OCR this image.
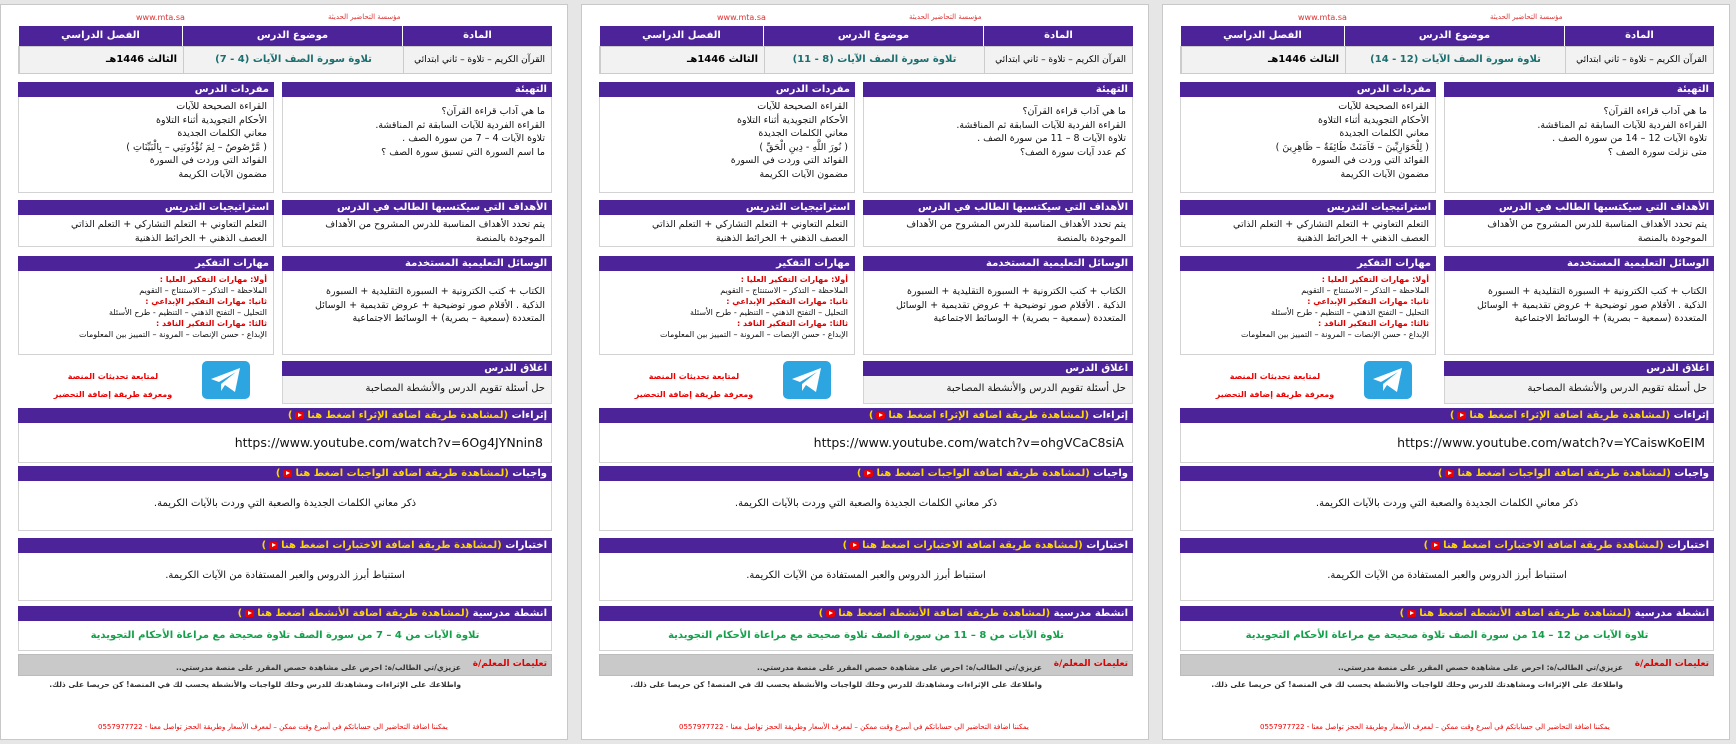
www.mta.sa	مؤسسة التحاضير الحديثة
الفصل الدراسي	موضوع الدرس	المادة
الثالث 1446هـ	تلاوة سورة الصف الآيات (12 - 14)	القرآن الكريم – تلاوة – ثاني ابتدائي
التهيئة

ما هي آداب قراءة القرآن؟

القراءة الفردية للآيات السابقة ثم المناقشة.

تلاوة الآيات 12 – 14 من سورة الصف .

متى نزلت سورة الصف ؟

مفردات الدرس

القراءة الصحيحة للآيات

الأحكام التجويدية أثناء التلاوة

معاني الكلمات الجديدة

( لِلْحَوَارِيِّينَ – فَآمَنَتْ طَائِفَةٌ – ظَاهِرِينَ )

الفوائد التي وردت في السورة

مضمون الآيات الكريمة

الأهداف التي سيكتسبها الطالب في الدرس

يتم تحدد الأهداف المناسبة للدرس المشروح من الأهداف

الموجودة بالمنصة

استراتيجيات التدريس

التعلم التعاوني + التعلم التشاركي + التعلم الذاتي

العصف الذهني + الخرائط الذهنية

الوسائل التعليمية المستخدمة

الكتاب + كتب الكترونية + السبورة التقليدية + السبورة

الذكية . الأقلام صور توضيحية + عروض تقديمية + الوسائل

المتعددة (سمعية – بصرية) + الوسائط الاجتماعية

مهارات التفكير

أولا: مهارات التفكير العليا :

الملاحظة – التذكر – الاستنتاج – التقويم

ثانيا: مهارات التفكير الإبداعي :

التحليل – التفتح الذهني – التنظيم - طرح الأسئلة

ثالثا: مهارات التفكير الناقد :

الإبداع - حسن الإنصات – المرونة – التمييز بين المعلومات

اغلاق الدرس
حل أسئلة تقويم الدرس والأنشطة المصاحبة

لمتابعة تحديثات المنصة

ومعرفة طريقة إضافة التحضير

إثراءات (لمشاهدة طريقة اضافة الإثراء اضغط هنا)
https://www.youtube.com/watch?v=YCaiswKoEIM
واجبات (لمشاهدة طريقة اضافة الواجبات اضغط هنا)
ذكر معاني الكلمات الجديدة والصعبة التي وردت بالآيات الكريمة.
اختبارات (لمشاهدة طريقة اضافة الاختبارات اضغط هنا)
استنباط أبرز الدروس والعبر المستفادة من الآيات الكريمة.
انشطة مدرسية (لمشاهدة طريقة اضافة الأنشطة اضغط هنا)
تلاوة الآيات من 12 – 14 من سورة الصف تلاوة صحيحة مع مراعاة الأحكام التجويدية
تعليمات المعلم/ة

عزيزي/تي الطالب/ة: احرص على مشاهدة حصص المقرر على منصة مدرستي..

واطلاعك على الإثراءات ومشاهدتك للدرس وحلك للواجبات والأنشطة يحسب لك في المنصة! كن حريصا على ذلك.

0557977722 - يمكننا اضافة التحاضير الي حساباتكم في أسرع وقت ممكن – لمعرف الأسعار وطريقة الحجز تواصل معنا
www.mta.sa	مؤسسة التحاضير الحديثة
الفصل الدراسي	موضوع الدرس	المادة
الثالث 1446هـ	تلاوة سورة الصف الآيات (8 - 11)	القرآن الكريم – تلاوة – ثاني ابتدائي
التهيئة

ما هي آداب قراءة القرآن؟

القراءة الفردية للآيات السابقة ثم المناقشة.

تلاوة الآيات 8 – 11 من سورة الصف .

كم عدد آيات سورة الصف؟

مفردات الدرس

القراءة الصحيحة للآيات

الأحكام التجويدية أثناء التلاوة

معاني الكلمات الجديدة

( نُورَ اللَّهِ - دِينِ الْحَقِّ )

الفوائد التي وردت في السورة

مضمون الآيات الكريمة

الأهداف التي سيكتسبها الطالب في الدرس

يتم تحدد الأهداف المناسبة للدرس المشروح من الأهداف

الموجودة بالمنصة

استراتيجيات التدريس

التعلم التعاوني + التعلم التشاركي + التعلم الذاتي

العصف الذهني + الخرائط الذهنية

الوسائل التعليمية المستخدمة

الكتاب + كتب الكترونية + السبورة التقليدية + السبورة

الذكية . الأقلام صور توضيحية + عروض تقديمية + الوسائل

المتعددة (سمعية – بصرية) + الوسائط الاجتماعية

مهارات التفكير

أولا: مهارات التفكير العليا :

الملاحظة – التذكر – الاستنتاج – التقويم

ثانيا: مهارات التفكير الإبداعي :

التحليل – التفتح الذهني – التنظيم - طرح الأسئلة

ثالثا: مهارات التفكير الناقد :

الإبداع - حسن الإنصات – المرونة – التمييز بين المعلومات

اغلاق الدرس
حل أسئلة تقويم الدرس والأنشطة المصاحبة

لمتابعة تحديثات المنصة

ومعرفة طريقة إضافة التحضير

إثراءات (لمشاهدة طريقة اضافة الإثراء اضغط هنا)
https://www.youtube.com/watch?v=ohgVCaC8siA
واجبات (لمشاهدة طريقة اضافة الواجبات اضغط هنا)
ذكر معاني الكلمات الجديدة والصعبة التي وردت بالآيات الكريمة.
اختبارات (لمشاهدة طريقة اضافة الاختبارات اضغط هنا)
استنباط أبرز الدروس والعبر المستفادة من الآيات الكريمة.
انشطة مدرسية (لمشاهدة طريقة اضافة الأنشطة اضغط هنا)
تلاوة الآيات من 8 – 11 من سورة الصف تلاوة صحيحة مع مراعاة الأحكام التجويدية
تعليمات المعلم/ة

عزيزي/تي الطالب/ة: احرص على مشاهدة حصص المقرر على منصة مدرستي..

واطلاعك على الإثراءات ومشاهدتك للدرس وحلك للواجبات والأنشطة يحسب لك في المنصة! كن حريصا على ذلك.

0557977722 - يمكننا اضافة التحاضير الي حساباتكم في أسرع وقت ممكن – لمعرف الأسعار وطريقة الحجز تواصل معنا
www.mta.sa	مؤسسة التحاضير الحديثة
الفصل الدراسي	موضوع الدرس	المادة
الثالث 1446هـ	تلاوة سورة الصف الآيات (4 - 7)	القرآن الكريم – تلاوة – ثاني ابتدائي
التهيئة

ما هي آداب قراءة القرآن؟

القراءة الفردية للآيات السابقة ثم المناقشة.

تلاوة الآيات 4 – 7 من سورة الصف .

ما اسم السورة التي تسبق سورة الصف ؟

مفردات الدرس

القراءة الصحيحة للآيات

الأحكام التجويدية أثناء التلاوة

معاني الكلمات الجديدة

( مَّرْصُوصٌ – لِمَ تُؤْذُونَنِي – بِالْبَيِّنَاتِ )

الفوائد التي وردت في السورة

مضمون الآيات الكريمة

الأهداف التي سيكتسبها الطالب في الدرس

يتم تحدد الأهداف المناسبة للدرس المشروح من الأهداف

الموجودة بالمنصة

استراتيجيات التدريس

التعلم التعاوني + التعلم التشاركي + التعلم الذاتي

العصف الذهني + الخرائط الذهنية

الوسائل التعليمية المستخدمة

الكتاب + كتب الكترونية + السبورة التقليدية + السبورة

الذكية . الأقلام صور توضيحية + عروض تقديمية + الوسائل

المتعددة (سمعية – بصرية) + الوسائط الاجتماعية

مهارات التفكير

أولا: مهارات التفكير العليا :

الملاحظة – التذكر – الاستنتاج – التقويم

ثانيا: مهارات التفكير الإبداعي :

التحليل – التفتح الذهني – التنظيم - طرح الأسئلة

ثالثا: مهارات التفكير الناقد :

الإبداع - حسن الإنصات – المرونة – التمييز بين المعلومات

اغلاق الدرس
حل أسئلة تقويم الدرس والأنشطة المصاحبة

لمتابعة تحديثات المنصة

ومعرفة طريقة إضافة التحضير

إثراءات (لمشاهدة طريقة اضافة الإثراء اضغط هنا)
https://www.youtube.com/watch?v=6Og4JYNnin8
واجبات (لمشاهدة طريقة اضافة الواجبات اضغط هنا)
ذكر معاني الكلمات الجديدة والصعبة التي وردت بالآيات الكريمة.
اختبارات (لمشاهدة طريقة اضافة الاختبارات اضغط هنا)
استنباط أبرز الدروس والعبر المستفادة من الآيات الكريمة.
انشطة مدرسية (لمشاهدة طريقة اضافة الأنشطة اضغط هنا)
تلاوة الآيات من 4 – 7 من سورة الصف تلاوة صحيحة مع مراعاة الأحكام التجويدية
تعليمات المعلم/ة

عزيزي/تي الطالب/ة: احرص على مشاهدة حصص المقرر على منصة مدرستي..

واطلاعك على الإثراءات ومشاهدتك للدرس وحلك للواجبات والأنشطة يحسب لك في المنصة! كن حريصا على ذلك.

0557977722 - يمكننا اضافة التحاضير الي حساباتكم في أسرع وقت ممكن – لمعرف الأسعار وطريقة الحجز تواصل معنا
